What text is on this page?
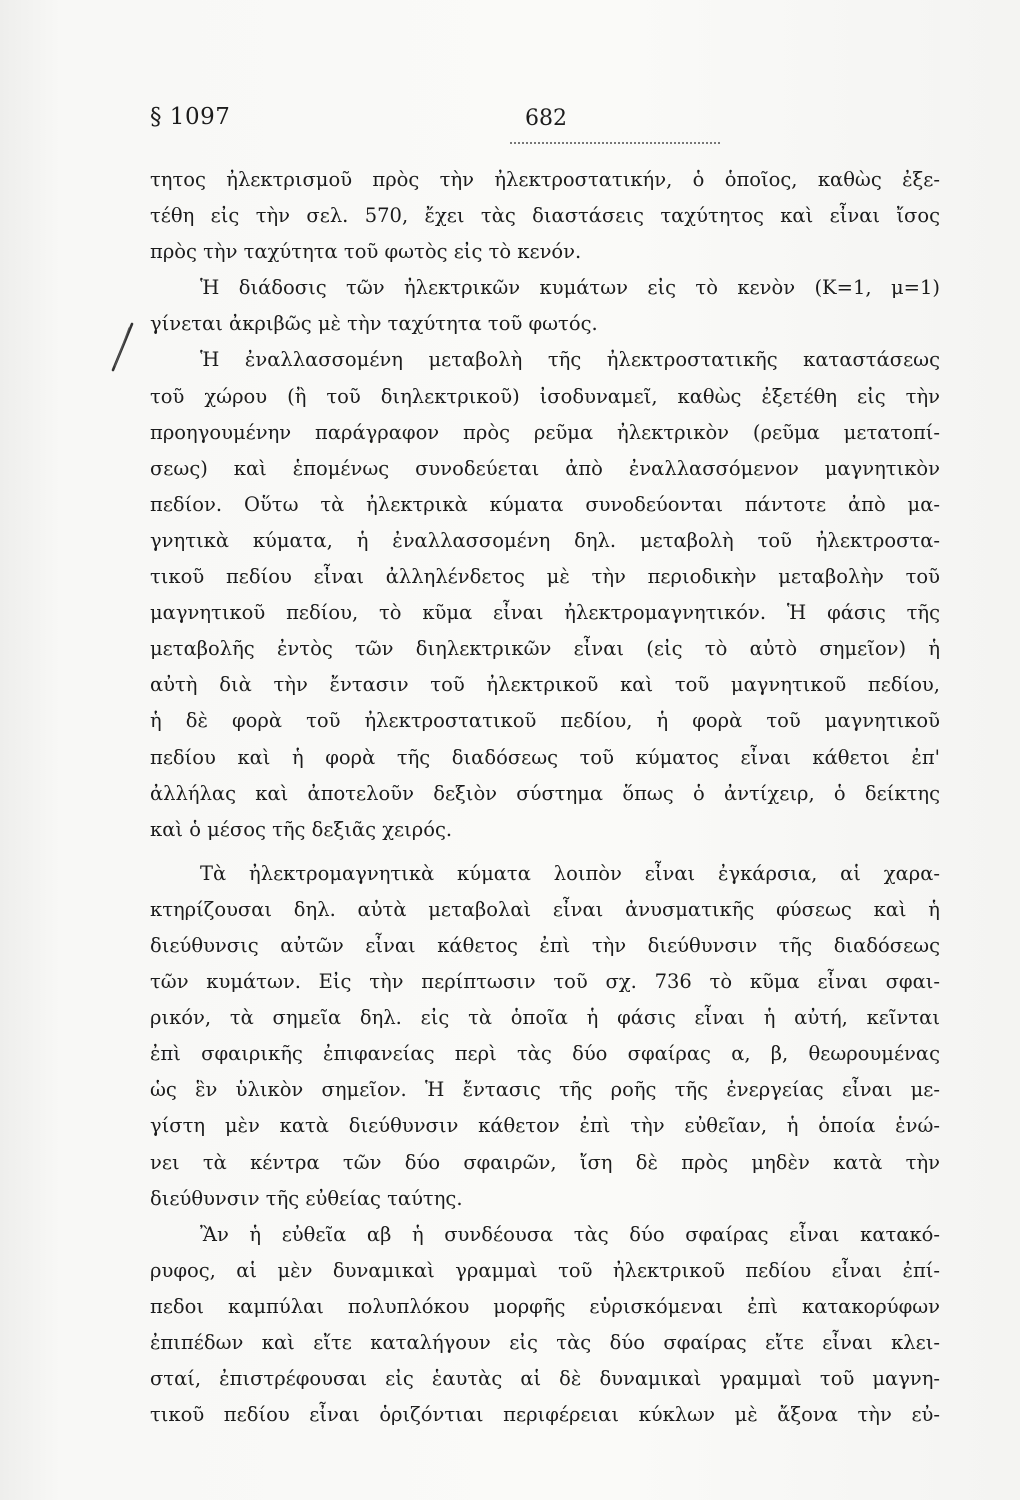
§ 1097	682
τητος ἠλεκτρισμοῦ πρὸς τὴν ἠλεκτροστατικήν, ὁ ὁποῖος, καθὼς ἐξε-
τέθη εἰς τὴν σελ. 570, ἔχει τὰς διαστάσεις ταχύτητος καὶ εἶναι ἴσος
πρὸς τὴν ταχύτητα τοῦ φωτὸς εἰς τὸ κενόν.
Ἡ διάδοσις τῶν ἠλεκτρικῶν κυμάτων εἰς τὸ κενὸν (K=1, μ=1)
γίνεται ἀκριβῶς μὲ τὴν ταχύτητα τοῦ φωτός.
Ἡ ἐναλλασσομένη μεταβολὴ τῆς ἠλεκτροστατικῆς καταστάσεως
τοῦ χώρου (ἢ τοῦ διηλεκτρικοῦ) ἰσοδυναμεῖ, καθὼς ἐξετέθη εἰς τὴν
προηγουμένην παράγραφον πρὸς ρεῦμα ἠλεκτρικὸν (ρεῦμα μετατοπί-
σεως) καὶ ἑπομένως συνοδεύεται ἀπὸ ἐναλλασσόμενον μαγνητικὸν
πεδίον. Οὕτω τὰ ἠλεκτρικὰ κύματα συνοδεύονται πάντοτε ἀπὸ μα-
γνητικὰ κύματα, ἡ ἐναλλασσομένη δηλ. μεταβολὴ τοῦ ἠλεκτροστα-
τικοῦ πεδίου εἶναι ἀλληλένδετος μὲ τὴν περιοδικὴν μεταβολὴν τοῦ
μαγνητικοῦ πεδίου, τὸ κῦμα εἶναι ἠλεκτρομαγνητικόν. Ἡ φάσις τῆς
μεταβολῆς ἐντὸς τῶν διηλεκτρικῶν εἶναι (εἰς τὸ αὐτὸ σημεῖον) ἡ
αὐτὴ διὰ τὴν ἔντασιν τοῦ ἠλεκτρικοῦ καὶ τοῦ μαγνητικοῦ πεδίου,
ἡ δὲ φορὰ τοῦ ἠλεκτροστατικοῦ πεδίου, ἡ φορὰ τοῦ μαγνητικοῦ
πεδίου καὶ ἡ φορὰ τῆς διαδόσεως τοῦ κύματος εἶναι κάθετοι ἐπ'
ἀλλήλας καὶ ἀποτελοῦν δεξιὸν σύστημα ὅπως ὁ ἀντίχειρ, ὁ δείκτης
καὶ ὁ μέσος τῆς δεξιᾶς χειρός.
Τὰ ἠλεκτρομαγνητικὰ κύματα λοιπὸν εἶναι ἐγκάρσια, αἱ χαρα-
κτηρίζουσαι δηλ. αὐτὰ μεταβολαὶ εἶναι ἀνυσματικῆς φύσεως καὶ ἡ
διεύθυνσις αὐτῶν εἶναι κάθετος ἐπὶ τὴν διεύθυνσιν τῆς διαδόσεως
τῶν κυμάτων. Εἰς τὴν περίπτωσιν τοῦ σχ. 736 τὸ κῦμα εἶναι σφαι-
ρικόν, τὰ σημεῖα δηλ. εἰς τὰ ὁποῖα ἡ φάσις εἶναι ἡ αὐτή, κεῖνται
ἐπὶ σφαιρικῆς ἐπιφανείας περὶ τὰς δύο σφαίρας α, β, θεωρουμένας
ὡς ἓν ὑλικὸν σημεῖον. Ἡ ἔντασις τῆς ροῆς τῆς ἐνεργείας εἶναι με-
γίστη μὲν κατὰ διεύθυνσιν κάθετον ἐπὶ τὴν εὐθεῖαν, ἡ ὁποία ἑνώ-
νει τὰ κέντρα τῶν δύο σφαιρῶν, ἴση δὲ πρὸς μηδὲν κατὰ τὴν
διεύθυνσιν τῆς εὐθείας ταύτης.
Ἂν ἡ εὐθεῖα αβ ἡ συνδέουσα τὰς δύο σφαίρας εἶναι κατακό-
ρυφος, αἱ μὲν δυναμικαὶ γραμμαὶ τοῦ ἠλεκτρικοῦ πεδίου εἶναι ἐπί-
πεδοι καμπύλαι πολυπλόκου μορφῆς εὑρισκόμεναι ἐπὶ κατακορύφων
ἐπιπέδων καὶ εἴτε καταλήγουν εἰς τὰς δύο σφαίρας εἴτε εἶναι κλει-
σταί, ἐπιστρέφουσαι εἰς ἑαυτὰς αἱ δὲ δυναμικαὶ γραμμαὶ τοῦ μαγνη-
τικοῦ πεδίου εἶναι ὁριζόντιαι περιφέρειαι κύκλων μὲ ἄξονα τὴν εὐ-
